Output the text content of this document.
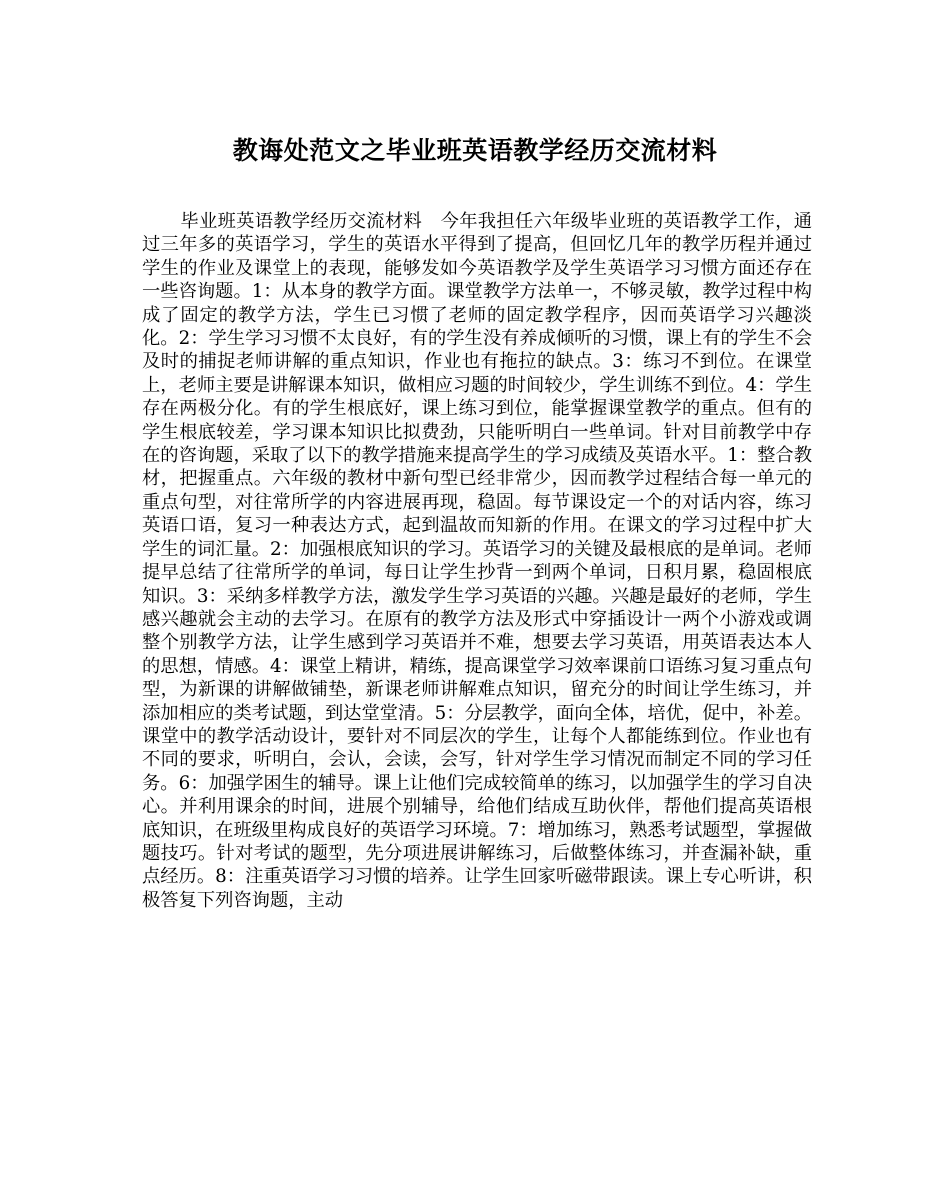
教诲处范文之毕业班英语教学经历交流材料

毕业班英语教学经历交流材料　今年我担任六年级毕业班的英语教学工作，通过三年多的英语学习，学生的英语水平得到了提高，但回忆几年的教学历程并通过学生的作业及课堂上的表现，能够发如今英语教学及学生英语学习习惯方面还存在一些咨询题。1：从本身的教学方面。课堂教学方法单一，不够灵敏，教学过程中构成了固定的教学方法，学生已习惯了老师的固定教学程序，因而英语学习兴趣淡化。2：学生学习习惯不太良好，有的学生没有养成倾听的习惯，课上有的学生不会及时的捕捉老师讲解的重点知识，作业也有拖拉的缺点。3：练习不到位。在课堂上，老师主要是讲解课本知识，做相应习题的时间较少，学生训练不到位。4：学生存在两极分化。有的学生根底好，课上练习到位，能掌握课堂教学的重点。但有的学生根底较差，学习课本知识比拟费劲，只能听明白一些单词。针对目前教学中存在的咨询题，采取了以下的教学措施来提高学生的学习成绩及英语水平。1：整合教材，把握重点。六年级的教材中新句型已经非常少，因而教学过程结合每一单元的重点句型，对往常所学的内容进展再现，稳固。每节课设定一个的对话内容，练习英语口语，复习一种表达方式，起到温故而知新的作用。在课文的学习过程中扩大学生的词汇量。2：加强根底知识的学习。英语学习的关键及最根底的是单词。老师提早总结了往常所学的单词，每日让学生抄背一到两个单词，日积月累，稳固根底知识。3：采纳多样教学方法，激发学生学习英语的兴趣。兴趣是最好的老师，学生感兴趣就会主动的去学习。在原有的教学方法及形式中穿插设计一两个小游戏或调整个别教学方法，让学生感到学习英语并不难，想要去学习英语，用英语表达本人的思想，情感。4：课堂上精讲，精练，提高课堂学习效率课前口语练习复习重点句型，为新课的讲解做铺垫，新课老师讲解难点知识，留充分的时间让学生练习，并添加相应的类考试题，到达堂堂清。5：分层教学，面向全体，培优，促中，补差。课堂中的教学活动设计，要针对不同层次的学生，让每个人都能练到位。作业也有不同的要求，听明白，会认，会读，会写，针对学生学习情况而制定不同的学习任务。6：加强学困生的辅导。课上让他们完成较简单的练习，以加强学生的学习自决心。并利用课余的时间，进展个别辅导，给他们结成互助伙伴，帮他们提高英语根底知识，在班级里构成良好的英语学习环境。7：增加练习，熟悉考试题型，掌握做题技巧。针对考试的题型，先分项进展讲解练习，后做整体练习，并查漏补缺，重点经历。8：注重英语学习习惯的培养。让学生回家听磁带跟读。课上专心听讲，积极答复下列咨询题，主动
